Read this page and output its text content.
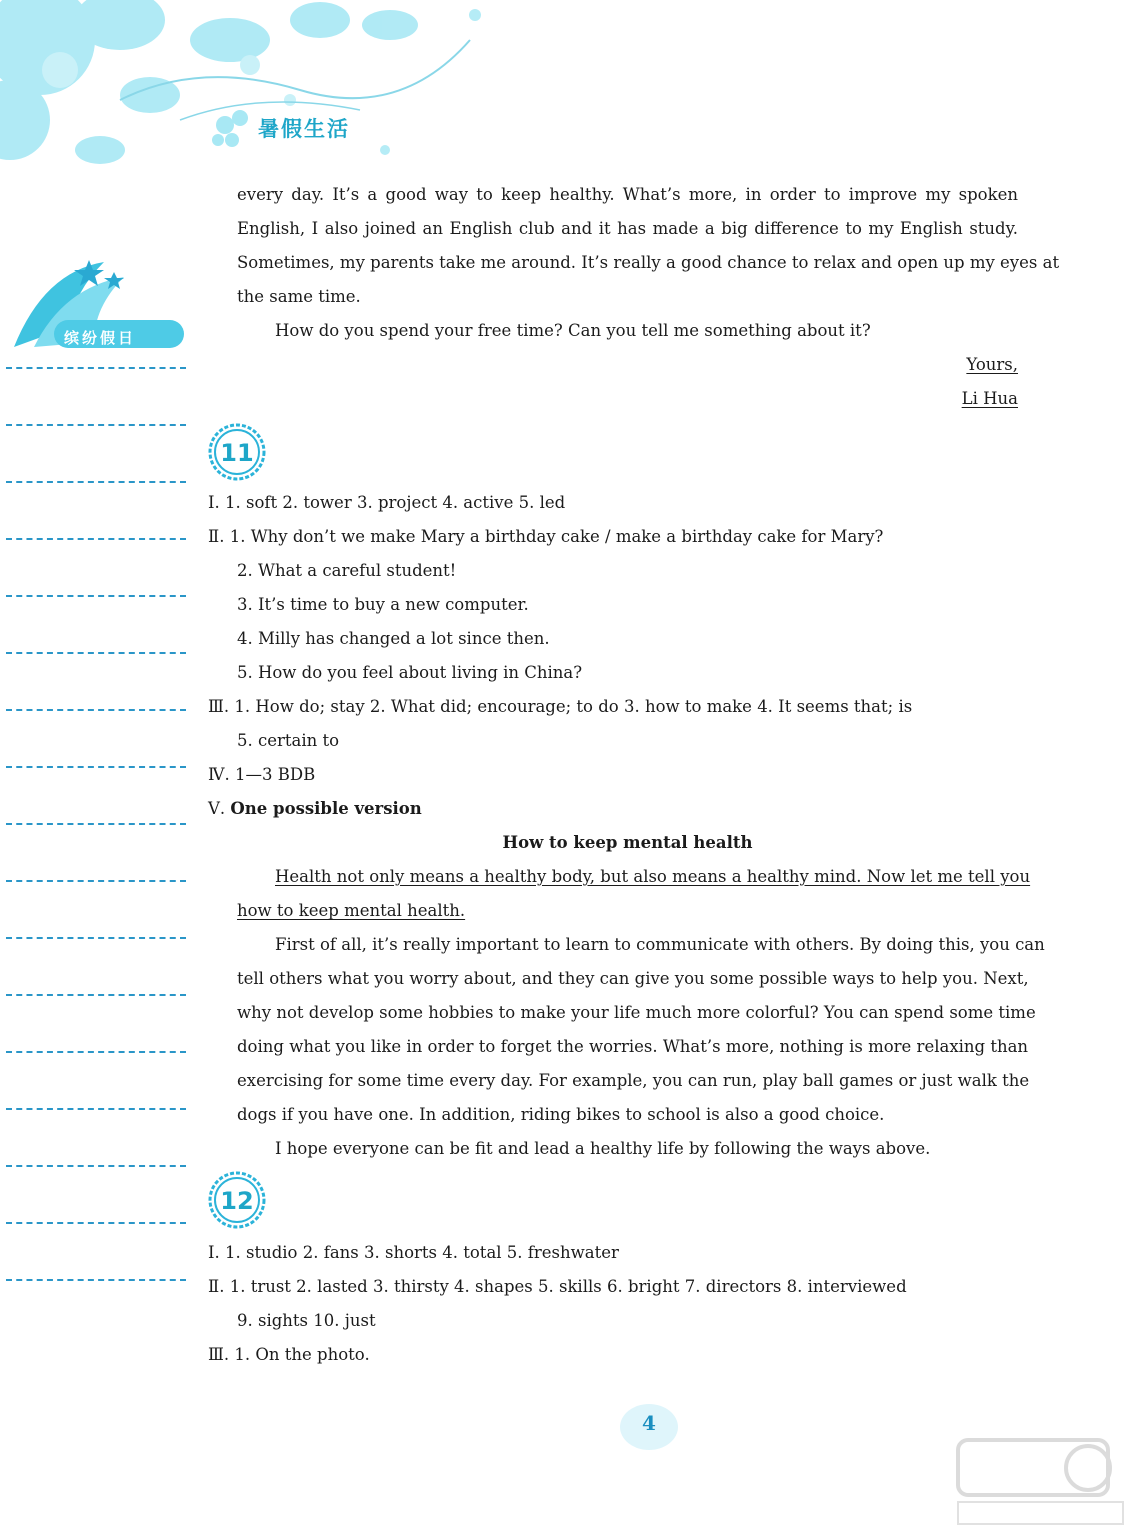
暑假生活
缤纷假日
every day. It’s a good way to keep healthy. What’s more, in order to improve my spoken
English, I also joined an English club and it has made a big difference to my English study.
Sometimes, my parents take me around. It’s really a good chance to relax and open up my eyes at
the same time.
How do you spend your free time? Can you tell me something about it?
Yours,
Li Hua
Ⅰ. 1. soft 2. tower 3. project 4. active 5. led
Ⅱ. 1. Why don’t we make Mary a birthday cake / make a birthday cake for Mary?
2. What a careful student!
3. It’s time to buy a new computer.
4. Milly has changed a lot since then.
5. How do you feel about living in China?
Ⅲ. 1. How do; stay 2. What did; encourage; to do 3. how to make 4. It seems that; is
5. certain to
Ⅳ. 1—3 BDB
Ⅴ. One possible version
How to keep mental health
Health not only means a healthy body, but also means a healthy mind. Now let me tell you
how to keep mental health.
First of all, it’s really important to learn to communicate with others. By doing this, you can
tell others what you worry about, and they can give you some possible ways to help you. Next,
why not develop some hobbies to make your life much more colorful? You can spend some time
doing what you like in order to forget the worries. What’s more, nothing is more relaxing than
exercising for some time every day. For example, you can run, play ball games or just walk the
dogs if you have one. In addition, riding bikes to school is also a good choice.
I hope everyone can be fit and lead a healthy life by following the ways above.
Ⅰ. 1. studio 2. fans 3. shorts 4. total 5. freshwater
Ⅱ. 1. trust 2. lasted 3. thirsty 4. shapes 5. skills 6. bright 7. directors 8. interviewed
9. sights 10. just
Ⅲ. 1. On the photo.
11
12
4
